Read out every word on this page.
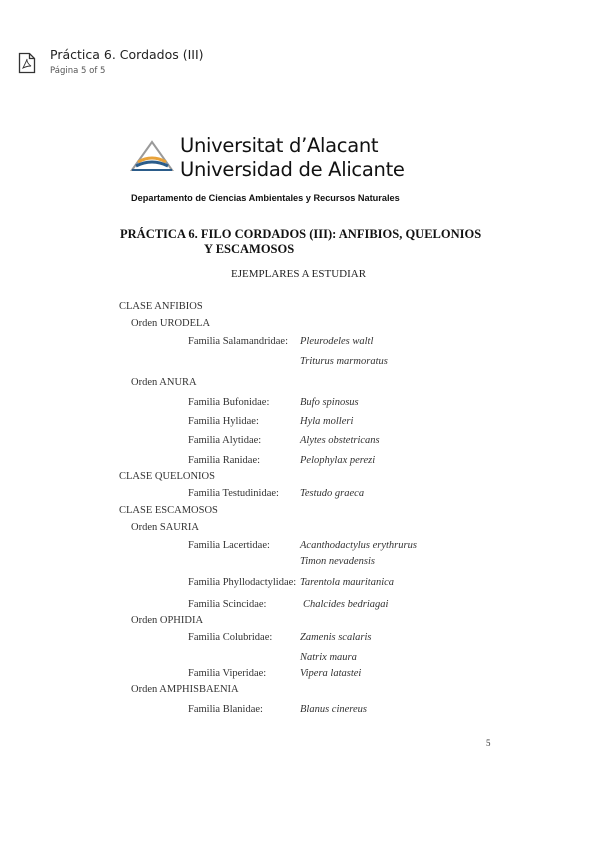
Práctica 6. Cordados (III)
Página 5 of 5
Universitat d’Alacant
Universidad de Alicante
Departamento de Ciencias Ambientales y Recursos Naturales
PRÁCTICA 6. FILO CORDADOS (III): ANFIBIOS, QUELONIOS
Y ESCAMOSOS
EJEMPLARES A ESTUDIAR
CLASE ANFIBIOS
Orden URODELA
Familia Salamandridae: Pleurodeles waltl
Triturus marmoratus
Orden ANURA
Familia Bufonidae:	Bufo spinosus
Familia Hylidae:	Hyla molleri
Familia Alytidae:	Alytes obstetricans
Familia Ranidae:	Pelophylax perezi
CLASE QUELONIOS
Familia Testudinidae: Testudo graeca
CLASE ESCAMOSOS
Orden SAURIA
Familia Lacertidae:	Acanthodactylus erythrurus
Timon nevadensis
Familia Phyllodactylidae: Tarentola mauritanica
Familia Scincidae:	Chalcides bedriagai
Orden OPHIDIA
Familia Colubridae:	Zamenis scalaris
Natrix maura
Familia Viperidae:	Vipera latastei
Orden AMPHISBAENIA
Familia Blanidae:	Blanus cinereus
5
